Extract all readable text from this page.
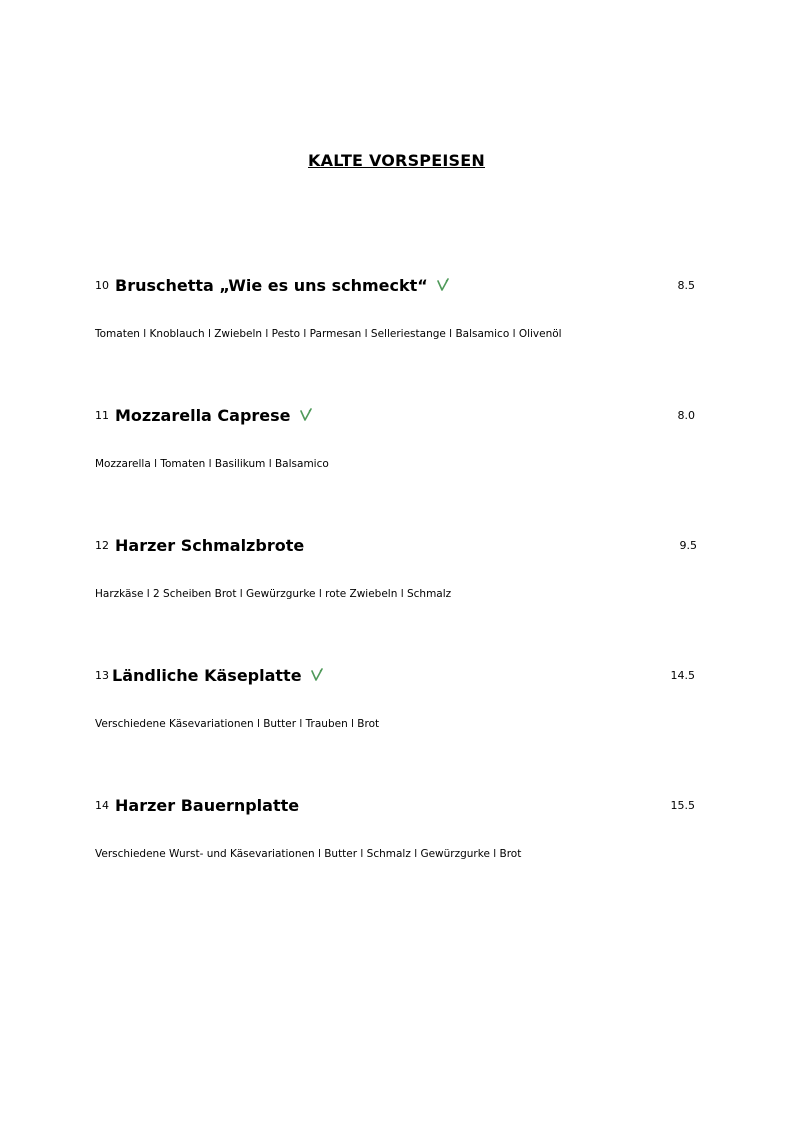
KALTE VORSPEISEN
10 Bruschetta „Wie es uns schmeckt“	8.5
Tomaten l Knoblauch l Zwiebeln l Pesto l Parmesan l Selleriestange l Balsamico l Olivenöl
11 Mozzarella Caprese	8.0
Mozzarella l Tomaten l Basilikum l Balsamico
12 Harzer Schmalzbrote	9.5
Harzkäse l 2 Scheiben Brot l Gewürzgurke l rote Zwiebeln l Schmalz
13 Ländliche Käseplatte	14.5
Verschiedene Käsevariationen l Butter l Trauben l Brot
14 Harzer Bauernplatte	15.5
Verschiedene Wurst- und Käsevariationen l Butter l Schmalz l Gewürzgurke l Brot
